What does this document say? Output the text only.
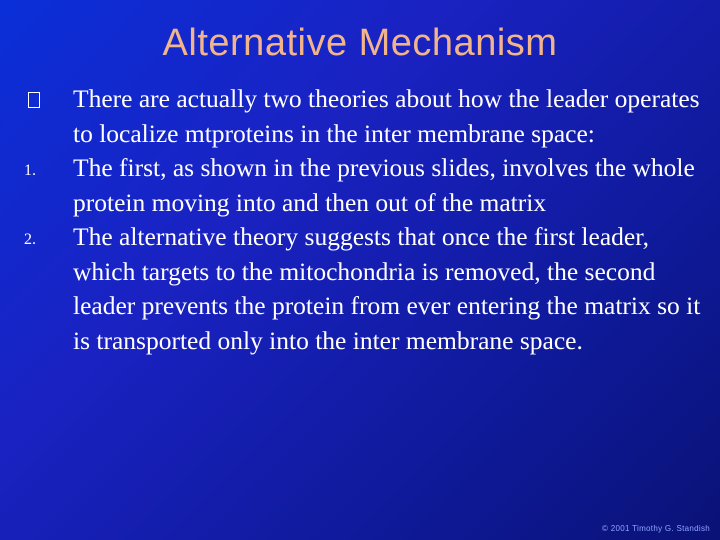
Alternative Mechanism
There are actually two theories about how the leader operates to localize mtproteins in the inter membrane space:
1.	The first, as shown in the previous slides, involves the whole protein moving into and then out of the matrix
2.	The alternative theory suggests that once the first leader, which targets to the mitochondria is removed, the second leader prevents the protein from ever entering the matrix so it is transported only into the inter membrane space.
© 2001 Timothy G. Standish
